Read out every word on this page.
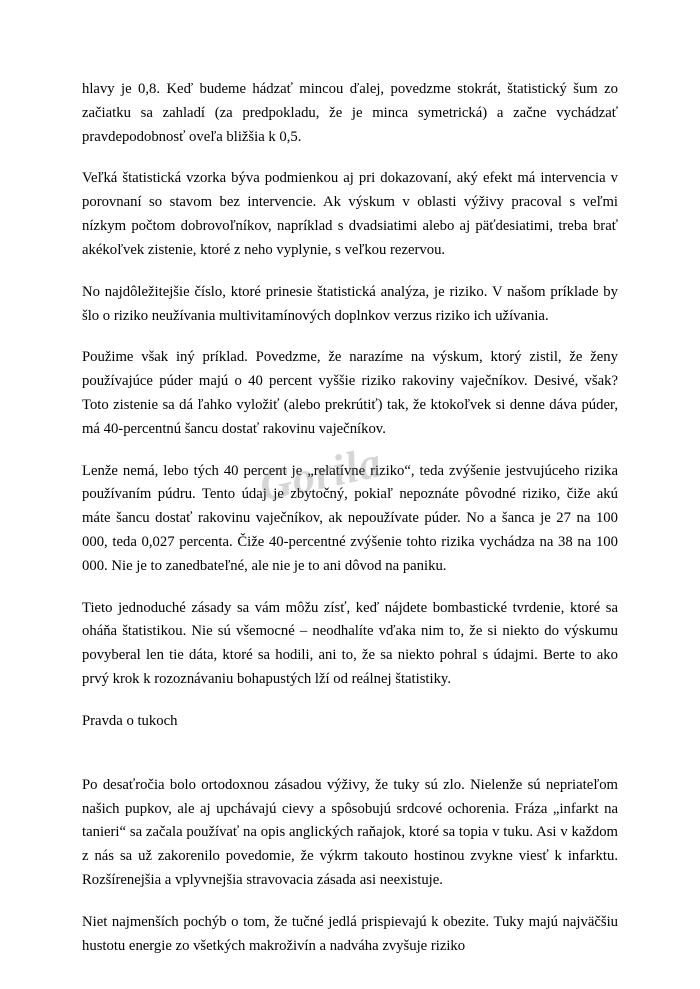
hlavy je 0,8. Keď budeme hádzať mincou ďalej, povedzme stokrát, štatistický šum zo začiatku sa zahladí (za predpokladu, že je minca symetrická) a začne vychádzať pravdepodobnosť oveľa bližšia k 0,5.

Veľká štatistická vzorka býva podmienkou aj pri dokazovaní, aký efekt má intervencia v porovnaní so stavom bez intervencie. Ak výskum v oblasti výživy pracoval s veľmi nízkym počtom dobrovoľníkov, napríklad s dvadsiatimi alebo aj päťdesiatimi, treba brať akékoľvek zistenie, ktoré z neho vyplynie, s veľkou rezervou.

No najdôležitejšie číslo, ktoré prinesie štatistická analýza, je riziko. V našom príklade by šlo o riziko neužívania multivitamínových doplnkov verzus riziko ich užívania.

Použime však iný príklad. Povedzme, že narazíme na výskum, ktorý zistil, že ženy používajúce púder majú o 40 percent vyššie riziko rakoviny vaječníkov. Desivé, však? Toto zistenie sa dá ľahko vyložiť (alebo prekrútiť) tak, že ktokoľvek si denne dáva púder, má 40-percentnú šancu dostať rakovinu vaječníkov.

Lenže nemá, lebo tých 40 percent je „relatívne riziko“, teda zvýšenie jestvujúceho rizika používaním púdru. Tento údaj je zbytočný, pokiaľ nepoznáte pôvodné riziko, čiže akú máte šancu dostať rakovinu vaječníkov, ak nepoužívate púder. No a šanca je 27 na 100 000, teda 0,027 percenta. Čiže 40-percentné zvýšenie tohto rizika vychádza na 38 na 100 000. Nie je to zanedbateľné, ale nie je to ani dôvod na paniku.

Tieto jednoduché zásady sa vám môžu zísť, keď nájdete bombastické tvrdenie, ktoré sa oháňa štatistikou. Nie sú všemocné – neodhalíte vďaka nim to, že si niekto do výskumu povyberal len tie dáta, ktoré sa hodili, ani to, že sa niekto pohral s údajmi. Berte to ako prvý krok k rozoznávaniu bohapustých lží od reálnej štatistiky.

Pravda o tukoch

Po desaťročia bolo ortodoxnou zásadou výživy, že tuky sú zlo. Nielenže sú nepriateľom našich pupkov, ale aj upchávajú cievy a spôsobujú srdcové ochorenia. Fráza „infarkt na tanieri“ sa začala používať na opis anglických raňajok, ktoré sa topia v tuku. Asi v každom z nás sa už zakorenilo povedomie, že výkrm takouto hostinou zvykne viesť k infarktu. Rozšírenejšia a vplyvnejšia stravovacia zásada asi neexistuje.

Niet najmenších pochýb o tom, že tučné jedlá prispievajú k obezite. Tuky majú najväčšiu hustotu energie zo všetkých makroživín a nadváha zvyšuje riziko

Gorila
